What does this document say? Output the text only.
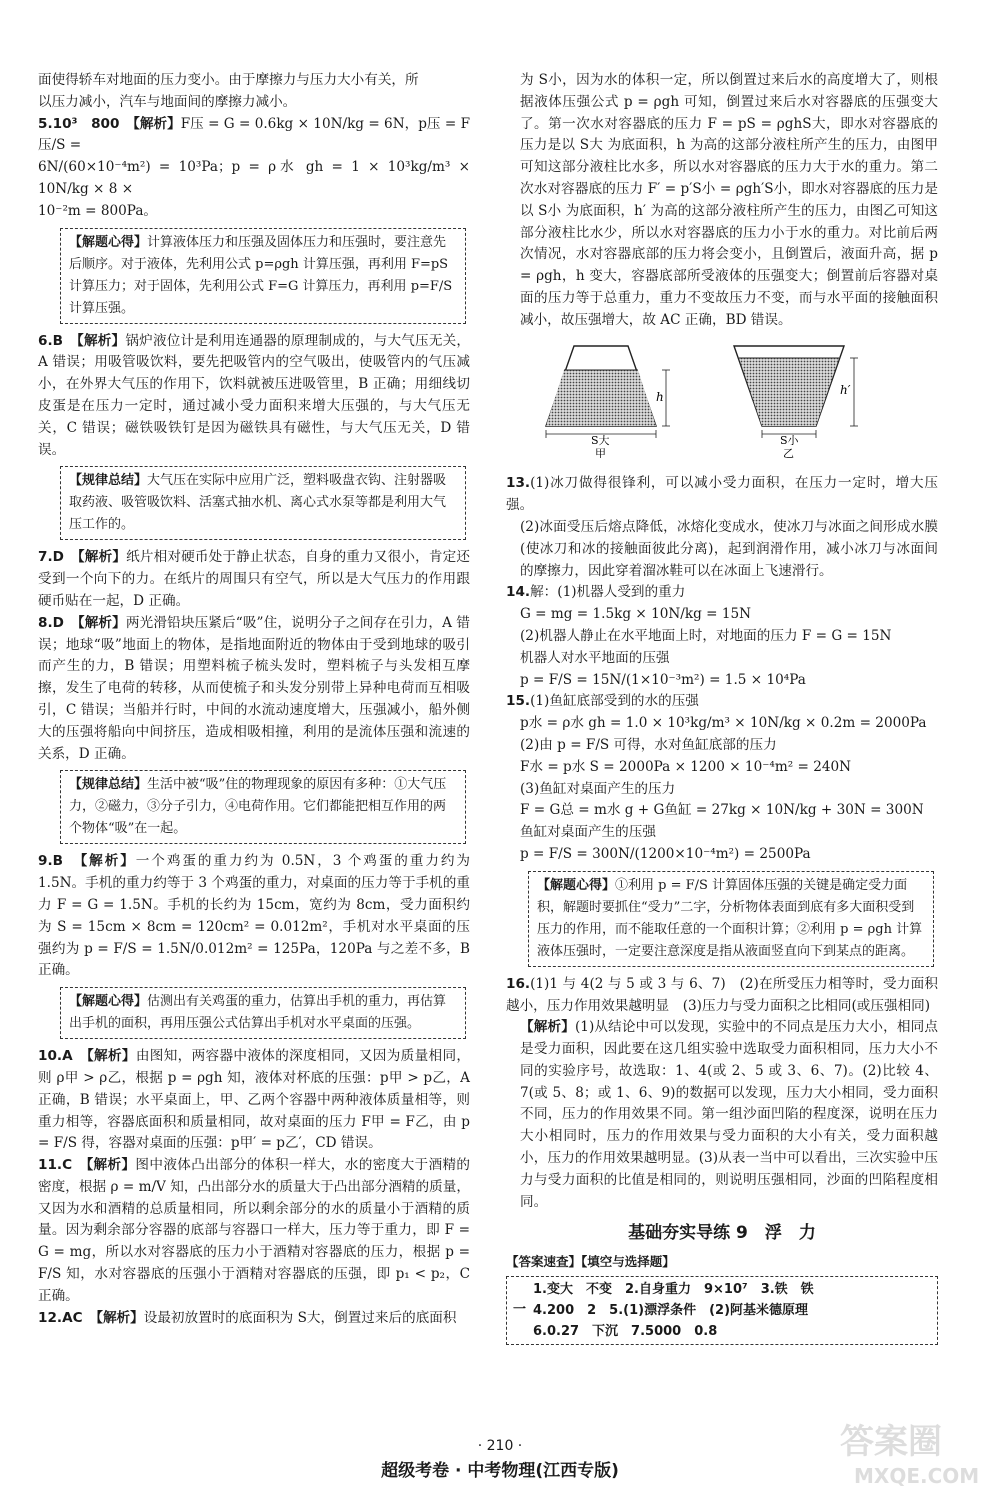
面使得轿车对地面的压力变小。由于摩擦力与压力大小有关，所

以压力减小，汽车与地面间的摩擦力减小。

5.10³　800　【解析】F压 = G = 0.6kg × 10N/kg = 6N，p压 = F压/S =

6N/(60×10⁻⁴m²) = 10³Pa；p = ρ水 gh = 1 × 10³kg/m³ × 10N/kg × 8 ×

10⁻²m = 800Pa。

【解题心得】计算液体压力和压强及固体压力和压强时，要注意先后顺序。对于液体，先利用公式 p=ρgh 计算压强，再利用 F=pS 计算压力；对于固体，先利用公式 F=G 计算压力，再利用 p=F/S 计算压强。

6.B　【解析】锅炉液位计是利用连通器的原理制成的，与大气压无关，A 错误；用吸管吸饮料，要先把吸管内的空气吸出，使吸管内的气压减小，在外界大气压的作用下，饮料就被压进吸管里，B 正确；用细线切皮蛋是在压力一定时，通过减小受力面积来增大压强的，与大气压无关，C 错误；磁铁吸铁钉是因为磁铁具有磁性，与大气压无关，D 错误。

【规律总结】大气压在实际中应用广泛，塑料吸盘衣钩、注射器吸取药液、吸管吸饮料、活塞式抽水机、离心式水泵等都是利用大气压工作的。

7.D　【解析】纸片相对硬币处于静止状态，自身的重力又很小，肯定还受到一个向下的力。在纸片的周围只有空气，所以是大气压力的作用跟硬币贴在一起，D 正确。

8.D　【解析】两光滑铅块压紧后“吸”住，说明分子之间存在引力，A 错误；地球“吸”地面上的物体，是指地面附近的物体由于受到地球的吸引而产生的力，B 错误；用塑料梳子梳头发时，塑料梳子与头发相互摩擦，发生了电荷的转移，从而使梳子和头发分别带上异种电荷而互相吸引，C 错误；当船并行时，中间的水流动速度增大，压强减小，船外侧大的压强将船向中间挤压，造成相吸相撞，利用的是流体压强和流速的关系，D 正确。

【规律总结】生活中被“吸”住的物理现象的原因有多种：①大气压力，②磁力，③分子引力，④电荷作用。它们都能把相互作用的两个物体“吸”在一起。

9.B　【解析】一个鸡蛋的重力约为 0.5N，3 个鸡蛋的重力约为 1.5N。手机的重力约等于 3 个鸡蛋的重力，对桌面的压力等于手机的重力 F = G = 1.5N。手机的长约为 15cm，宽约为 8cm，受力面积约为 S = 15cm × 8cm = 120cm² = 0.012m²，手机对水平桌面的压强约为 p = F/S = 1.5N/0.012m² = 125Pa，120Pa 与之差不多，B 正确。

【解题心得】估测出有关鸡蛋的重力，估算出手机的重力，再估算出手机的面积，再用压强公式估算出手机对水平桌面的压强。

10.A　【解析】由图知，两容器中液体的深度相同，又因为质量相同，则 ρ甲 > ρ乙，根据 p = ρgh 知，液体对杯底的压强：p甲 > p乙，A 正确，B 错误；水平桌面上，甲、乙两个容器中两种液体质量相等，则重力相等，容器底面积和质量相同，故对桌面的压力 F甲 = F乙，由 p = F/S 得，容器对桌面的压强：p甲′ = p乙′，CD 错误。

11.C　【解析】图中液体凸出部分的体积一样大，水的密度大于酒精的密度，根据 ρ = m/V 知，凸出部分水的质量大于凸出部分酒精的质量，又因为水和酒精的总质量相同，所以剩余部分的水的质量小于酒精的质量。因为剩余部分容器的底部与容器口一样大，压力等于重力，即 F = G = mg，所以水对容器底的压力小于酒精对容器底的压力，根据 p = F/S 知，水对容器底的压强小于酒精对容器底的压强，即 p₁ < p₂，C 正确。

12.AC　【解析】设最初放置时的底面积为 S大，倒置过来后的底面积

为 S小，因为水的体积一定，所以倒置过来后水的高度增大了，则根据液体压强公式 p = ρgh 可知，倒置过来后水对容器底的压强变大了。第一次水对容器底的压力 F = pS = ρghS大，即水对容器底的压力是以 S大 为底面积，h 为高的这部分液柱所产生的压力，由图甲可知这部分液柱比水多，所以水对容器底的压力大于水的重力。第二次水对容器底的压力 F′ = p′S小 = ρgh′S小，即水对容器底的压力是以 S小 为底面积，h′ 为高的这部分液柱所产生的压力，由图乙可知这部分液柱比水少，所以水对容器底的压力小于水的重力。对比前后两次情况，水对容器底部的压力将会变小，且倒置后，液面升高，据 p = ρgh，h 变大，容器底部所受液体的压强变大；倒置前后容器对桌面的压力等于总重力，重力不变故压力不变，而与水平面的接触面积减小，故压强增大，故 AC 正确，BD 错误。

h
S大
甲
h′
S小
乙

13.(1)冰刀做得很锋利，可以减小受力面积，在压力一定时，增大压强。

(2)冰面受压后熔点降低，冰熔化变成水，使冰刀与冰面之间形成水膜(使冰刀和冰的接触面彼此分离)，起到润滑作用，减小冰刀与冰面间的摩擦力，因此穿着溜冰鞋可以在冰面上飞速滑行。

14.解：(1)机器人受到的重力

G = mg = 1.5kg × 10N/kg = 15N

(2)机器人静止在水平地面上时，对地面的压力 F = G = 15N

机器人对水平地面的压强

p = F/S = 15N/(1×10⁻³m²) = 1.5 × 10⁴Pa

15.(1)鱼缸底部受到的水的压强

p水 = ρ水 gh = 1.0 × 10³kg/m³ × 10N/kg × 0.2m = 2000Pa

(2)由 p = F/S 可得，水对鱼缸底部的压力

F水 = p水 S = 2000Pa × 1200 × 10⁻⁴m² = 240N

(3)鱼缸对桌面产生的压力

F = G总 = m水 g + G鱼缸 = 27kg × 10N/kg + 30N = 300N

鱼缸对桌面产生的压强

p = F/S = 300N/(1200×10⁻⁴m²) = 2500Pa

【解题心得】①利用 p = F/S 计算固体压强的关键是确定受力面积，解题时要抓住“受力”二字，分析物体表面到底有多大面积受到压力的作用，而不能取任意的一个面积计算；②利用 p = ρgh 计算液体压强时，一定要注意深度是指从液面竖直向下到某点的距离。

16.(1)1 与 4(2 与 5 或 3 与 6、7)　(2)在所受压力相等时，受力面积越小，压力作用效果越明显　(3)压力与受力面积之比相同(或压强相同)

【解析】(1)从结论中可以发现，实验中的不同点是压力大小，相同点是受力面积，因此要在这几组实验中选取受力面积相同，压力大小不同的实验序号，故选取：1、4(或 2、5 或 3、6、7)。(2)比较 4、7(或 5、8；或 1、6、9)的数据可以发现，压力大小相同，受力面积不同，压力的作用效果不同。第一组沙面凹陷的程度深，说明在压力大小相同时，压力的作用效果与受力面积的大小有关，受力面积越小，压力的作用效果越明显。(3)从表一当中可以看出，三次实验中压力与受力面积的比值是相同的，则说明压强相同，沙面的凹陷程度相同。

基础夯实导练 9　浮　力
【答案速查】【填空与选择题】
一
1.变大　不变　2.自身重力　9×10⁷　3.铁　铁
4.200　2　5.(1)漂浮条件　(2)阿基米德原理
6.0.27　下沉　7.5000　0.8
· 210 ·
超级考卷 · 中考物理(江西专版)
答案圈
MXQE.COM
